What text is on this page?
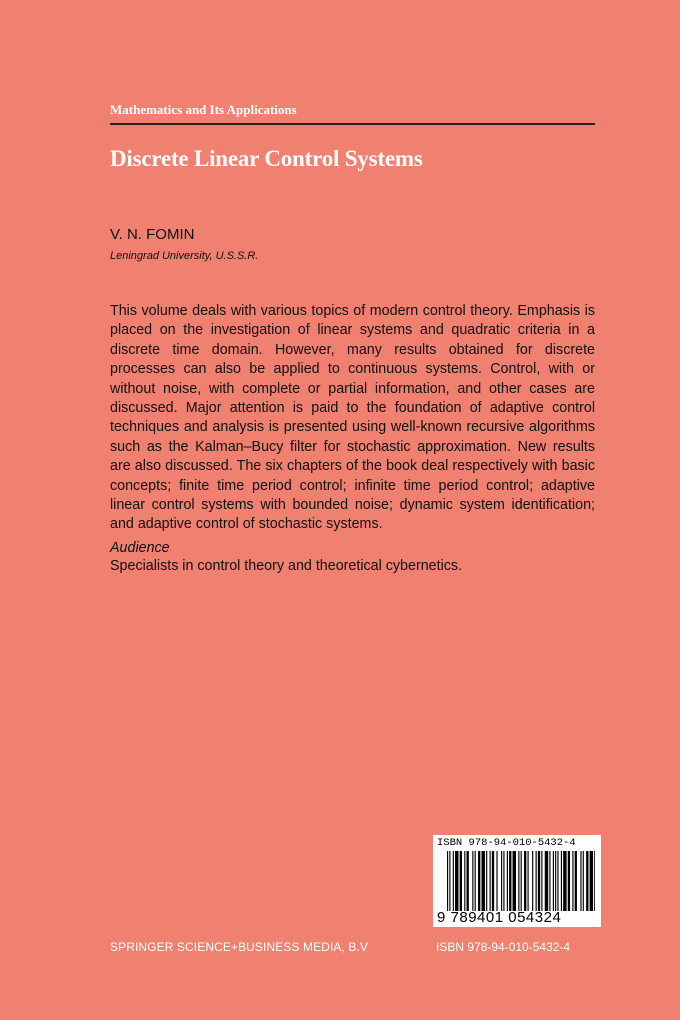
Mathematics and Its Applications
Discrete Linear Control Systems
V. N. FOMIN
Leningrad University, U.S.S.R.
This volume deals with various topics of modern control theory. Emphasis is placed on the investigation of linear systems and quadratic criteria in a discrete time domain. However, many results obtained for discrete processes can also be applied to continuous systems. Control, with or without noise, with complete or partial information, and other cases are discussed. Major attention is paid to the foundation of adaptive control techniques and analysis is presented using well-known recursive algorithms such as the Kalman–Bucy filter for stochastic approximation. New results are also discussed. The six chapters of the book deal respectively with basic concepts; finite time period control; infinite time period control; adaptive linear control systems with bounded noise; dynamic system identification; and adaptive control of stochastic systems.
Audience
Specialists in control theory and theoretical cybernetics.
ISBN 978-94-010-5432-4
9 789401 054324
SPRINGER SCIENCE+BUSINESS MEDIA, B.V	ISBN 978-94-010-5432-4
